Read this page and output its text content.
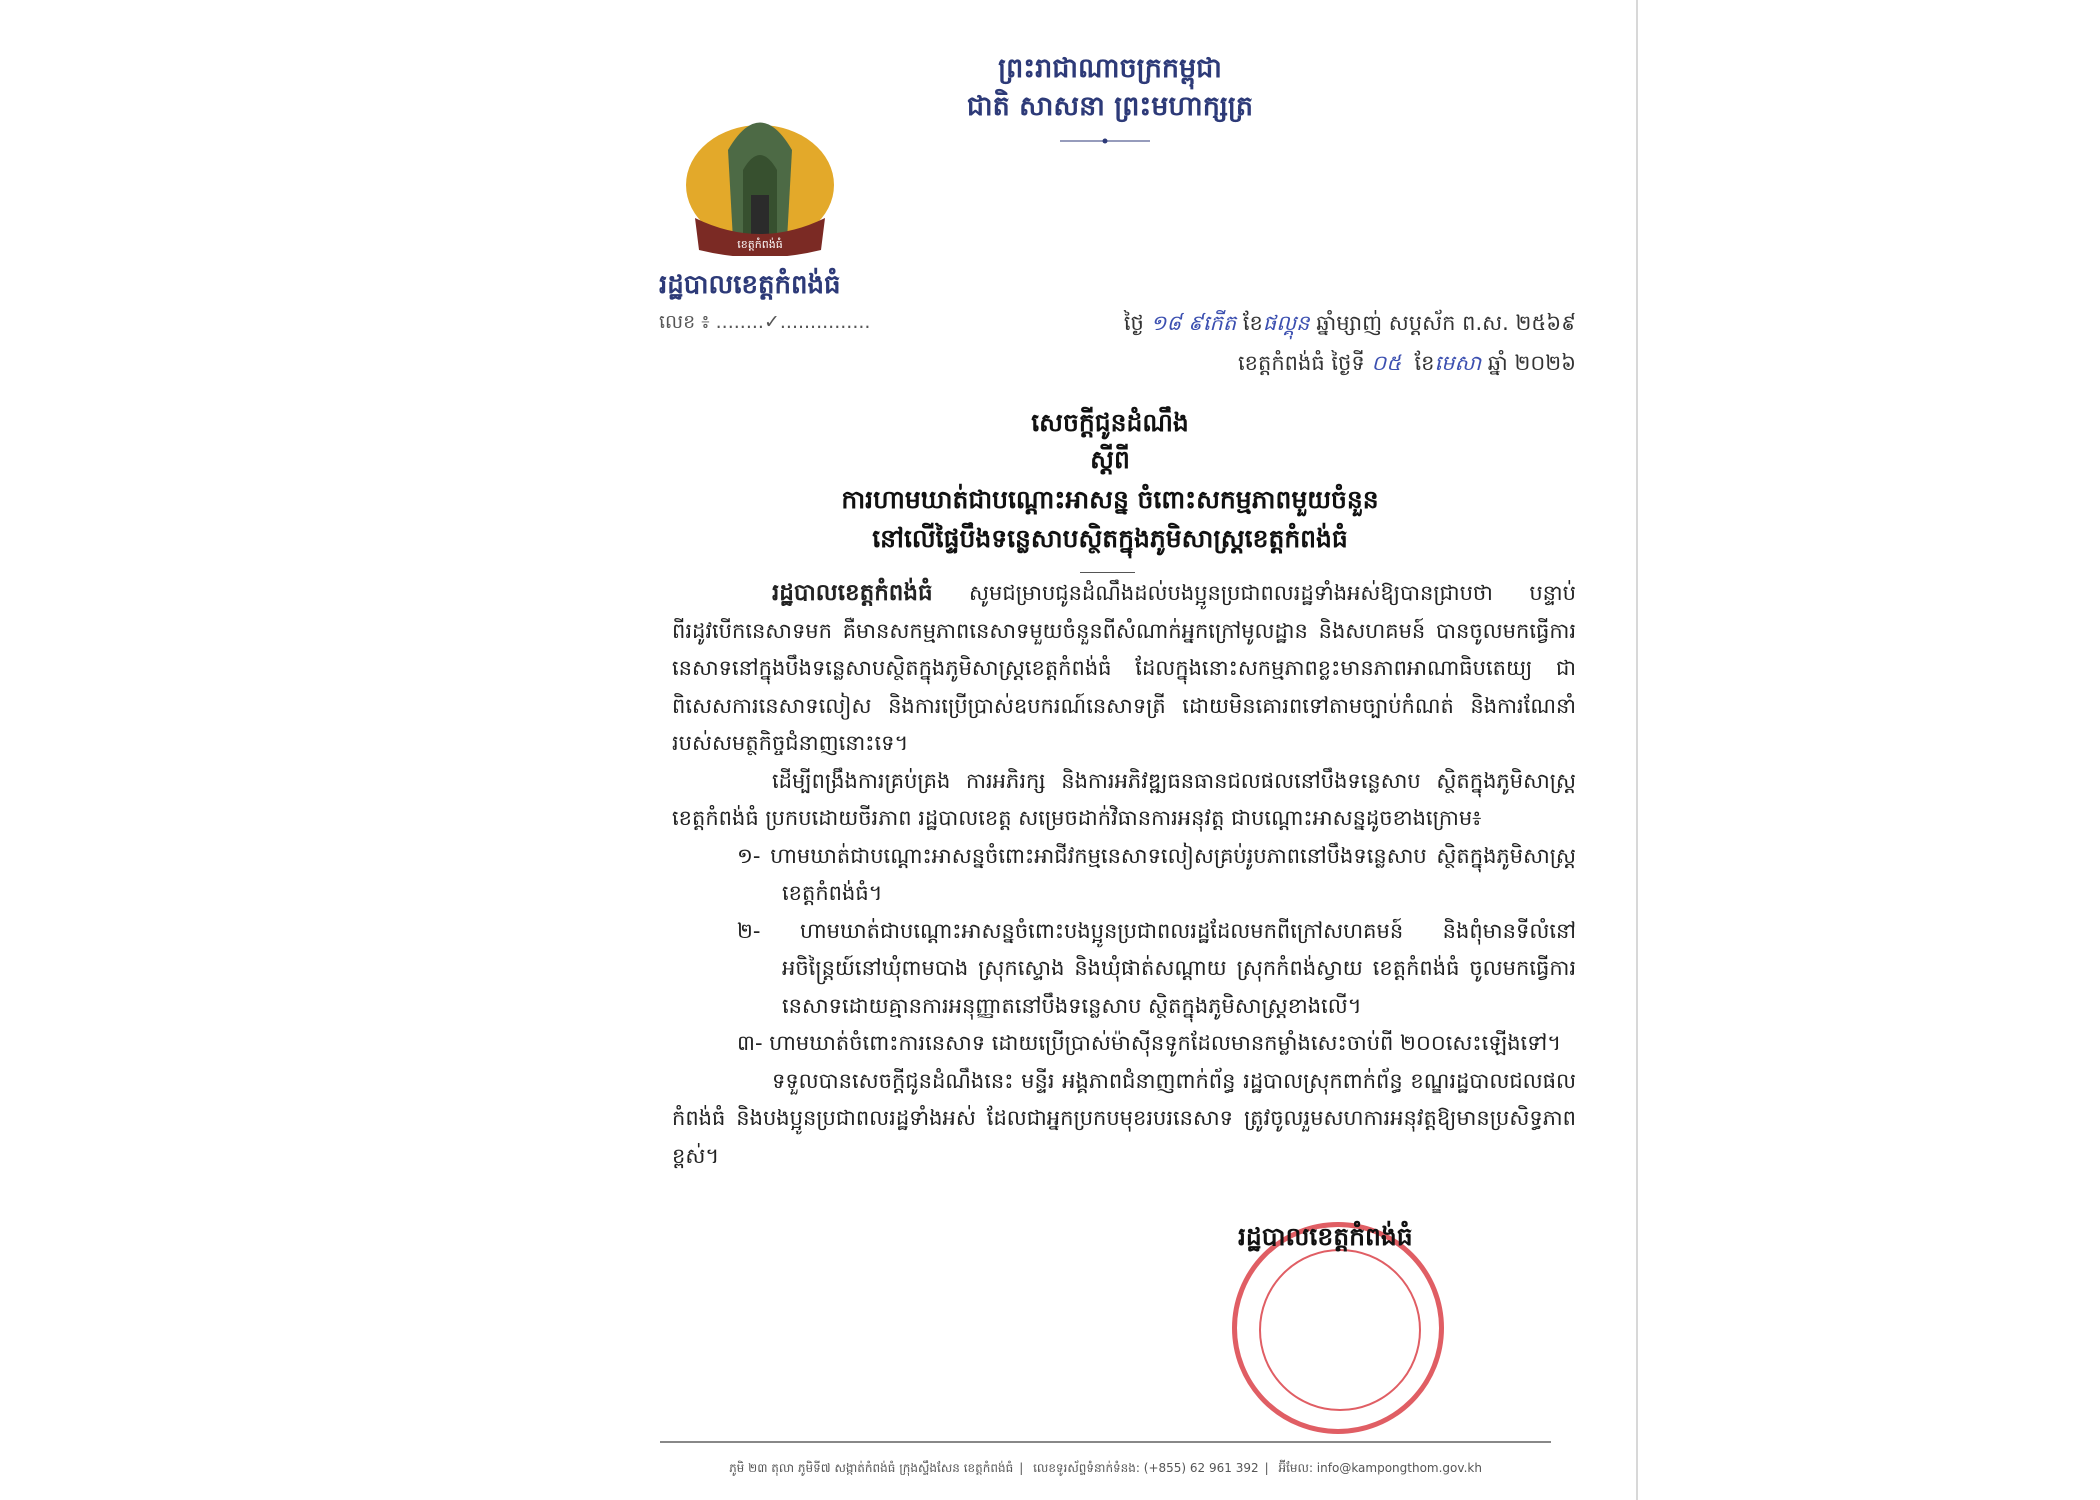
ព្រះរាជាណាចក្រកម្ពុជា
ជាតិ សាសនា ព្រះមហាក្សត្រ
ខេត្តកំពង់ធំ
រដ្ឋបាលខេត្តកំពង់ធំ
លេខ ៖ ........✓...............	ថ្ងៃ ១៨ ៩កើត ខែផល្គុន ឆ្នាំម្សាញ់ សប្តស័ក ព.ស. ២៥៦៩
ខេត្តកំពង់ធំ ថ្ងៃទី ០៥ ខែមេសា ឆ្នាំ ២០២៦
សេចក្តីជូនដំណឹង
ស្តីពី
ការហាមឃាត់ជាបណ្តោះអាសន្ន ចំពោះសកម្មភាពមួយចំនួន
នៅលើផ្ទៃបឹងទន្លេសាបស្ថិតក្នុងភូមិសាស្ត្រខេត្តកំពង់ធំ

រដ្ឋបាលខេត្តកំពង់ធំ សូមជម្រាបជូនដំណឹងដល់បងប្អូនប្រជាពលរដ្ឋទាំងអស់ឱ្យបានជ្រាបថា បន្ទាប់ពីរដូវបើកនេសាទមក គឺមានសកម្មភាពនេសាទមួយចំនួនពីសំណាក់អ្នកក្រៅមូលដ្ឋាន និងសហគមន៍ បានចូលមកធ្វើការនេសាទនៅក្នុងបឹងទន្លេសាបស្ថិតក្នុងភូមិសាស្ត្រខេត្តកំពង់ធំ ដែលក្នុងនោះសកម្មភាពខ្លះមានភាពអាណាធិបតេយ្យ ជាពិសេសការនេសាទលៀស និងការប្រើប្រាស់ឧបករណ៍នេសាទត្រី ដោយមិនគោរពទៅតាមច្បាប់កំណត់ និងការណែនាំរបស់សមត្ថកិច្ចជំនាញនោះទេ។

ដើម្បីពង្រឹងការគ្រប់គ្រង ការអភិរក្ស និងការអភិវឌ្ឍធនធានជលផលនៅបឹងទន្លេសាប ស្ថិតក្នុងភូមិសាស្ត្រខេត្តកំពង់ធំ ប្រកបដោយចីរភាព រដ្ឋបាលខេត្ត សម្រេចដាក់វិធានការអនុវត្ត ជាបណ្តោះអាសន្នដូចខាងក្រោម៖

១- ហាមឃាត់ជាបណ្តោះអាសន្នចំពោះអាជីវកម្មនេសាទលៀសគ្រប់រូបភាពនៅបឹងទន្លេសាប ស្ថិតក្នុងភូមិសាស្ត្រខេត្តកំពង់ធំ។

២- ហាមឃាត់ជាបណ្តោះអាសន្នចំពោះបងប្អូនប្រជាពលរដ្ឋដែលមកពីក្រៅសហគមន៍ និងពុំមានទីលំនៅអចិន្ត្រៃយ៍នៅឃុំពាមបាង ស្រុកស្ទោង និងឃុំផាត់សណ្តាយ ស្រុកកំពង់ស្វាយ ខេត្តកំពង់ធំ ចូលមកធ្វើការនេសាទដោយគ្មានការអនុញ្ញាតនៅបឹងទន្លេសាប ស្ថិតក្នុងភូមិសាស្ត្រខាងលើ។

៣- ហាមឃាត់ចំពោះការនេសាទ ដោយប្រើប្រាស់ម៉ាស៊ីនទូកដែលមានកម្លាំងសេះចាប់ពី ២០០សេះឡើងទៅ។

ទទួលបានសេចក្តីជូនដំណឹងនេះ មន្ទីរ អង្គភាពជំនាញពាក់ព័ន្ធ រដ្ឋបាលស្រុកពាក់ព័ន្ធ ខណ្ឌរដ្ឋបាលជលផលកំពង់ធំ និងបងប្អូនប្រជាពលរដ្ឋទាំងអស់ ដែលជាអ្នកប្រកបមុខរបរនេសាទ ត្រូវចូលរួមសហការអនុវត្តឱ្យមានប្រសិទ្ធភាពខ្ពស់។

រដ្ឋបាលខេត្តកំពង់ធំ
ភូមិ ២៣ តុលា ភូមិទី៧ សង្កាត់កំពង់ធំ ក្រុងស្ទឹងសែន ខេត្តកំពង់ធំ | លេខទូរស័ព្ទទំនាក់ទំនង: (+855) 62 961 392 | អ៊ីមែល: info@kampongthom.gov.kh
